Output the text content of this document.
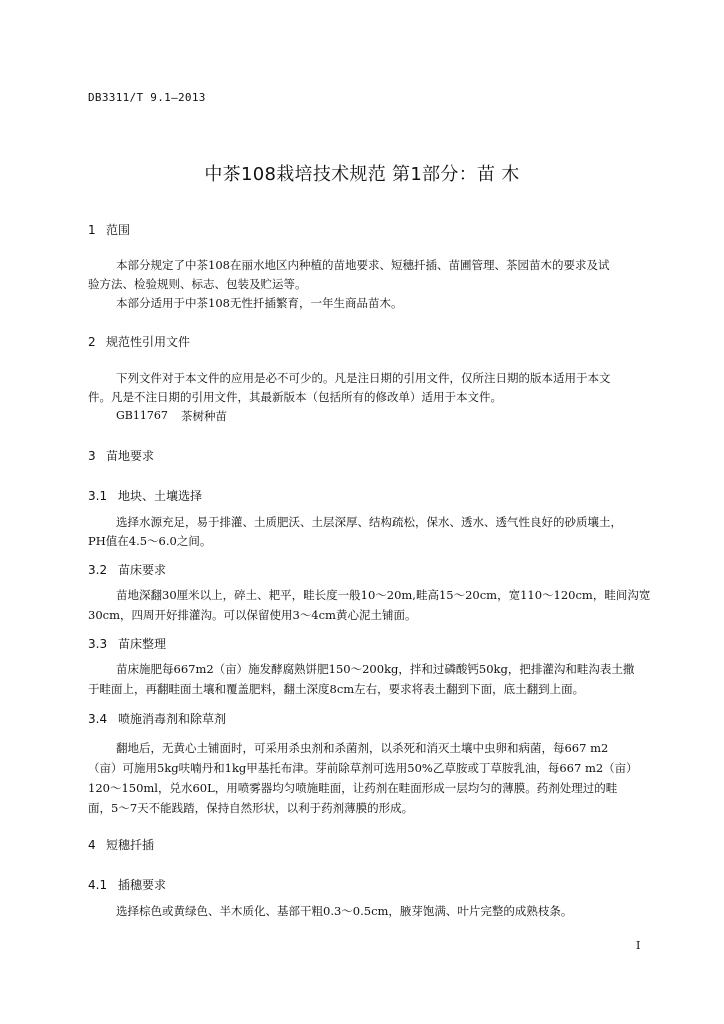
DB3311/T 9.1—2013
中茶108栽培技术规范 第1部分：苗 木
1 范围
本部分规定了中茶108在丽水地区内种植的苗地要求、短穗扦插、苗圃管理、茶园苗木的要求及试
验方法、检验规则、标志、包装及贮运等。
本部分适用于中茶108无性扦插繁育，一年生商品苗木。
2 规范性引用文件
下列文件对于本文件的应用是必不可少的。凡是注日期的引用文件，仅所注日期的版本适用于本文
件。凡是不注日期的引用文件，其最新版本（包括所有的修改单）适用于本文件。
GB11767 茶树种苗
3 苗地要求
3.1 地块、土壤选择
选择水源充足，易于排灌、土质肥沃、土层深厚、结构疏松，保水、透水、透气性良好的砂质壤土，
PH值在4.5～6.0之间。
3.2 苗床要求
苗地深翻30厘米以上，碎土、耙平，畦长度一般10～20m,畦高15～20cm，宽110～120cm，畦间沟宽
30cm，四周开好排灌沟。可以保留使用3～4cm黄心泥土铺面。
3.3 苗床整理
苗床施肥每667m2（亩）施发酵腐熟饼肥150～200kg，拌和过磷酸钙50kg，把排灌沟和畦沟表土撒
于畦面上，再翻畦面土壤和覆盖肥料，翻土深度8cm左右，要求将表土翻到下面，底土翻到上面。
3.4 喷施消毒剂和除草剂
翻地后，无黄心土铺面时，可采用杀虫剂和杀菌剂，以杀死和消灭土壤中虫卵和病菌，每667 m2
（亩）可施用5kg呋喃丹和1kg甲基托布津。芽前除草剂可选用50%乙草胺或丁草胺乳油，每667 m2（亩）
120～150ml，兑水60L，用喷雾器均匀喷施畦面，让药剂在畦面形成一层均匀的薄膜。药剂处理过的畦
面，5～7天不能践踏，保持自然形状，以利于药剂薄膜的形成。
4 短穗扦插
4.1 插穗要求
选择棕色或黄绿色、半木质化、基部干粗0.3～0.5cm，腋芽饱满、叶片完整的成熟枝条。
I
